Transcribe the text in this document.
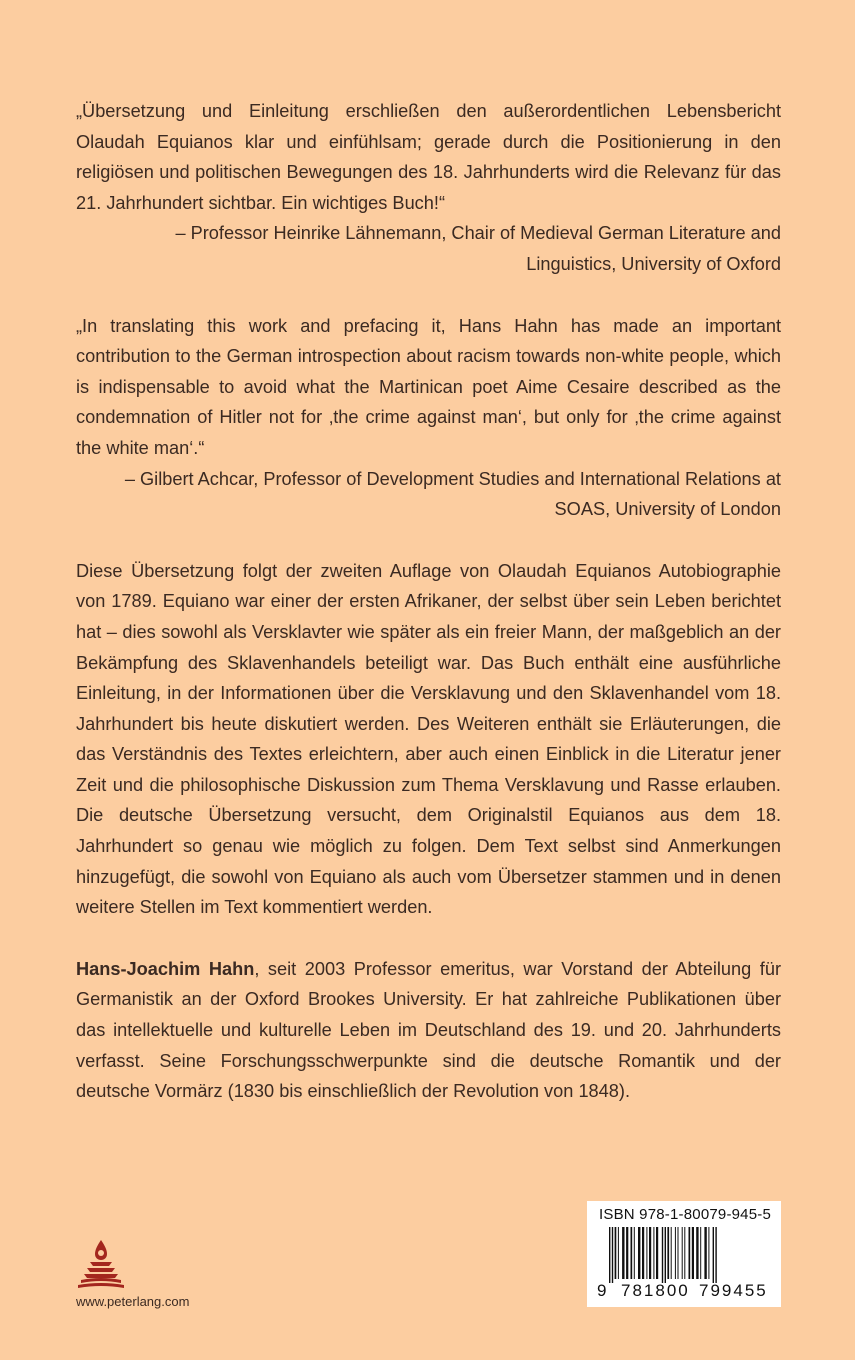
„Übersetzung und Einleitung erschließen den außerordentlichen Lebensbericht Olaudah Equianos klar und einfühlsam; gerade durch die Positionierung in den religiösen und politischen Bewegungen des 18. Jahrhunderts wird die Relevanz für das 21. Jahrhundert sichtbar. Ein wichtiges Buch!“

– Professor Heinrike Lähnemann, Chair of Medieval German Literature and
Linguistics, University of Oxford

„In translating this work and prefacing it, Hans Hahn has made an important contribution to the German introspection about racism towards non-white people, which is indispensable to avoid what the Martinican poet Aime Cesaire described as the condemnation of Hitler not for ‚the crime against man‘, but only for ‚the crime against the white man‘.“

– Gilbert Achcar, Professor of Development Studies and International Relations at
SOAS, University of London

Diese Übersetzung folgt der zweiten Auflage von Olaudah Equianos Autobiographie von 1789. Equiano war einer der ersten Afrikaner, der selbst über sein Leben berichtet hat – dies sowohl als Versklavter wie später als ein freier Mann, der maßgeblich an der Bekämpfung des Sklavenhandels beteiligt war. Das Buch enthält eine ausführliche Einleitung, in der Informationen über die Versklavung und den Sklavenhandel vom 18. Jahrhundert bis heute diskutiert werden. Des Weiteren enthält sie Erläuterungen, die das Verständnis des Textes erleichtern, aber auch einen Einblick in die Literatur jener Zeit und die philosophische Diskussion zum Thema Versklavung und Rasse erlauben. Die deutsche Übersetzung versucht, dem Originalstil Equianos aus dem 18. Jahrhundert so genau wie möglich zu folgen. Dem Text selbst sind Anmerkungen hinzugefügt, die sowohl von Equiano als auch vom Übersetzer stammen und in denen weitere Stellen im Text kommentiert werden.

Hans-Joachim Hahn, seit 2003 Professor emeritus, war Vorstand der Abteilung für Germanistik an der Oxford Brookes University. Er hat zahlreiche Publikationen über das intellektuelle und kulturelle Leben im Deutschland des 19. und 20. Jahrhunderts verfasst. Seine Forschungsschwerpunkte sind die deutsche Romantik und der deutsche Vormärz (1830 bis einschließlich der Revolution von 1848).

www.peterlang.com
ISBN 978-1-80079-945-5
9 781800 799455
